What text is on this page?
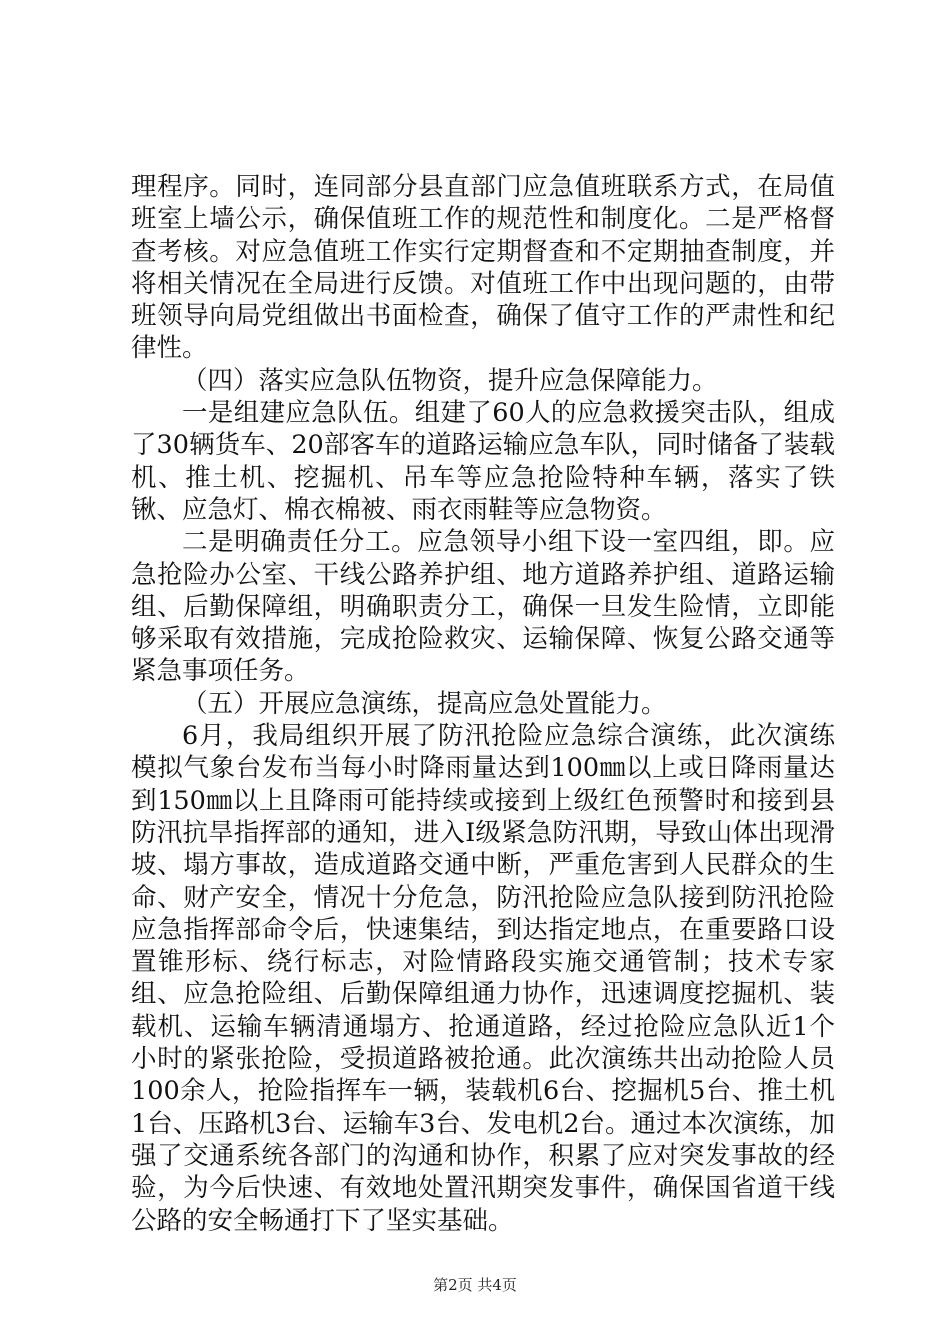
理程序。同时，连同部分县直部门应急值班联系方式，在局值班室上墙公示，确保值班工作的规范性和制度化。二是严格督查考核。对应急值班工作实行定期督查和不定期抽查制度，并将相关情况在全局进行反馈。对值班工作中出现问题的，由带班领导向局党组做出书面检查，确保了值守工作的严肃性和纪律性。

（四）落实应急队伍物资，提升应急保障能力。

一是组建应急队伍。组建了60人的应急救援突击队，组成了30辆货车、20部客车的道路运输应急车队，同时储备了装载机、推土机、挖掘机、吊车等应急抢险特种车辆，落实了铁锹、应急灯、棉衣棉被、雨衣雨鞋等应急物资。

二是明确责任分工。应急领导小组下设一室四组，即。应急抢险办公室、干线公路养护组、地方道路养护组、道路运输组、后勤保障组，明确职责分工，确保一旦发生险情，立即能够采取有效措施，完成抢险救灾、运输保障、恢复公路交通等紧急事项任务。

（五）开展应急演练，提高应急处置能力。

6月，我局组织开展了防汛抢险应急综合演练，此次演练模拟气象台发布当每小时降雨量达到100㎜以上或日降雨量达到150㎜以上且降雨可能持续或接到上级红色预警时和接到县防汛抗旱指挥部的通知，进入Ⅰ级紧急防汛期，导致山体出现滑坡、塌方事故，造成道路交通中断，严重危害到人民群众的生命、财产安全，情况十分危急，防汛抢险应急队接到防汛抢险应急指挥部命令后，快速集结，到达指定地点，在重要路口设置锥形标、绕行标志，对险情路段实施交通管制；技术专家组、应急抢险组、后勤保障组通力协作，迅速调度挖掘机、装载机、运输车辆清通塌方、抢通道路，经过抢险应急队近1个小时的紧张抢险，受损道路被抢通。此次演练共出动抢险人员100余人，抢险指挥车一辆，装载机6台、挖掘机5台、推土机1台、压路机3台、运输车3台、发电机2台。通过本次演练，加强了交通系统各部门的沟通和协作，积累了应对突发事故的经验，为今后快速、有效地处置汛期突发事件，确保国省道干线公路的安全畅通打下了坚实基础。

第2页 共4页
